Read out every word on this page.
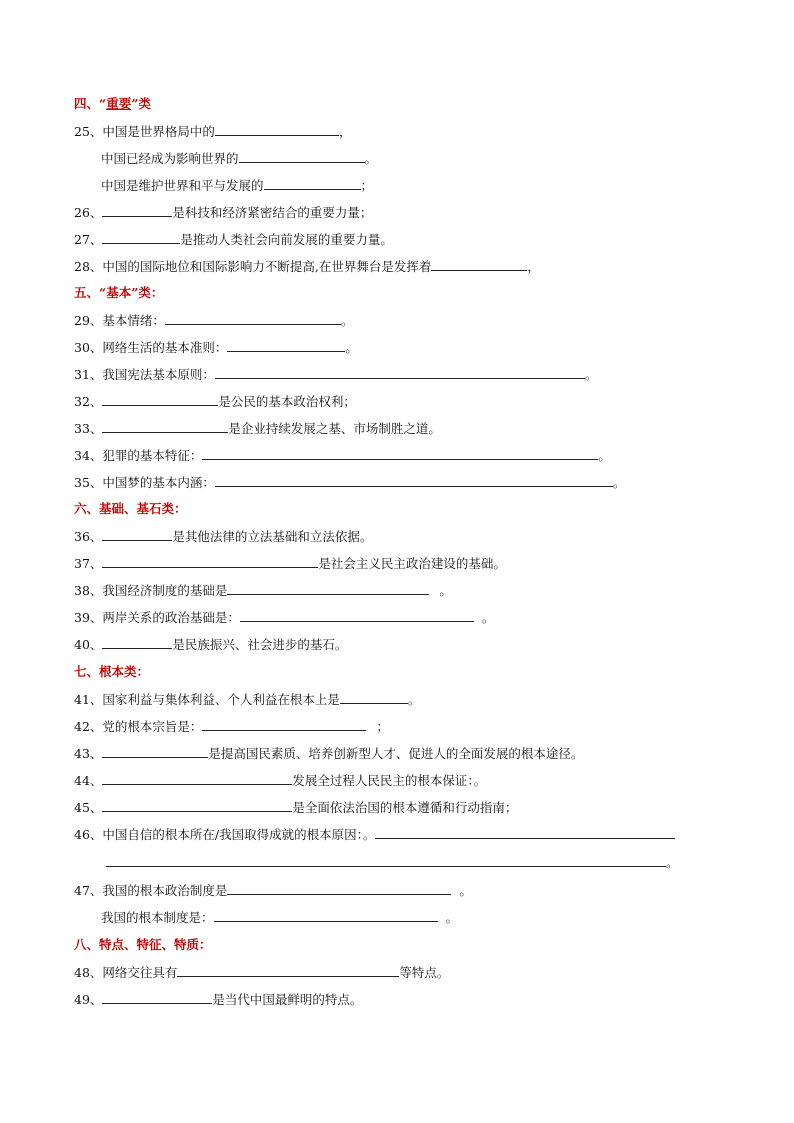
四、“重要”类
25、中国是世界格局中的	，
中国已经成为影响世界的	。
中国是维护世界和平与发展的	；
26、	是科技和经济紧密结合的重要力量；
27、	是推动人类社会向前发展的重要力量。
28、中国的国际地位和国际影响力不断提高,在世界舞台是发挥着	，
五、“基本”类：
29、基本情绪：	。
30、网络生活的基本准则：	。
31、我国宪法基本原则：	。
32、	是公民的基本政治权利；
33、	是企业持续发展之基、市场制胜之道。
34、犯罪的基本特征：	。
35、中国梦的基本内涵：	。
六、基础、基石类：
36、	是其他法律的立法基础和立法依据。
37、	是社会主义民主政治建设的基础。
38、我国经济制度的基础是	。
39、两岸关系的政治基础是：	。
40、	是民族振兴、社会进步的基石。
七、根本类：
41、国家利益与集体利益、个人利益在根本上是	。
42、党的根本宗旨是：	；
43、	是提高国民素质、培养创新型人才、促进人的全面发展的根本途径。
44、	发展全过程人民民主的根本保证：。
45、	是全面依法治国的根本遵循和行动指南；
46、中国自信的根本所在/我国取得成就的根本原因：。
。
47、我国的根本政治制度是	。
我国的根本制度是：	。
八、特点、特征、特质：
48、网络交往具有	等特点。
49、	是当代中国最鲜明的特点。
